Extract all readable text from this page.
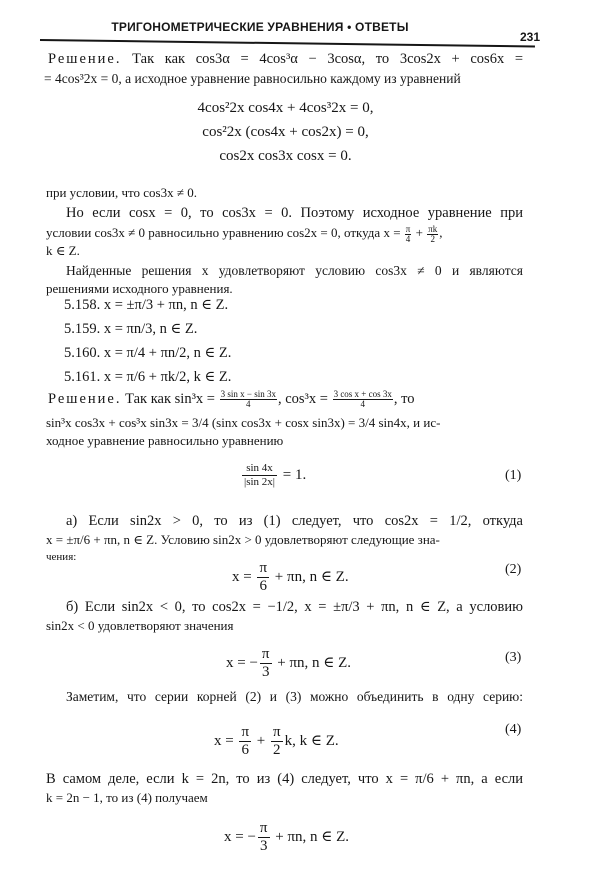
ТРИГОНОМЕТРИЧЕСКИЕ УРАВНЕНИЯ • ОТВЕТЫ
231
Решение. Так как cos3α = 4cos³α − 3cosα, то 3cos2x + cos6x =
= 4cos³2x = 0, а исходное уравнение равносильно каждому из уравнений
4cos²2x cos4x + 4cos³2x = 0,
cos²2x (cos4x + cos2x) = 0,
cos2x cos3x cosx = 0.
при условии, что cos3x ≠ 0.
Но если cosx = 0, то cos3x = 0. Поэтому исходное уравнение при
условии cos3x ≠ 0 равносильно уравнению cos2x = 0, откуда $x = \frac{\pi}{4} + \frac{\pi k}{2}$ ,
k ∈ Z.
Найденные решения x удовлетворяют условию cos3x ≠ 0 и являются
решениями исходного уравнения.
5.158. x = ±π/3 + πn, n ∈ Z.
5.159. x = πn/3, n ∈ Z.
5.160. x = π/4 + πn/2, n ∈ Z.
5.161. x = π/6 + πk/2, k ∈ Z.
Решение. Так как $\sin^3x = \frac{\text{3 sin x − sin 3x}}{4}$ , $\cos^3x = \frac{\text{3 cos x + cos 3x}}{4}$ , то
sin³x cos3x + cos³x sin3x = 3/4 (sinx cos3x + cosx sin3x) = 3/4 sin4x, и ис-
ходное уравнение равносильно уравнению
$\frac{\sin 4x}{|\sin 2x|} = 1$.	(1)
а) Если sin2x > 0, то из (1) следует, что cos2x = 1/2, откуда
x = ±π/6 + πn, n ∈ Z. Условию sin2x > 0 удовлетворяют следующие зна-
чения:
$x = \frac{\pi}{6} + \pi n$, n ∈ Z.	(2)
б) Если sin2x < 0, то cos2x = −1/2, x = ±π/3 + πn, n ∈ Z, а условию
sin2x < 0 удовлетворяют значения
x = − $\frac{\pi}{3} + \pi n$, n ∈ Z.	(3)
Заметим, что серии корней (2) и (3) можно объединить в одну серию:
$x = \frac{\pi}{6} + \frac{\pi}{2} k$, k ∈ Z.
(4)
В самом деле, если k = 2n, то из (4) следует, что x = π/6 + πn, а если
k = 2n − 1, то из (4) получаем
x = − $\frac{\pi}{3} + \pi n$, n ∈ Z.
